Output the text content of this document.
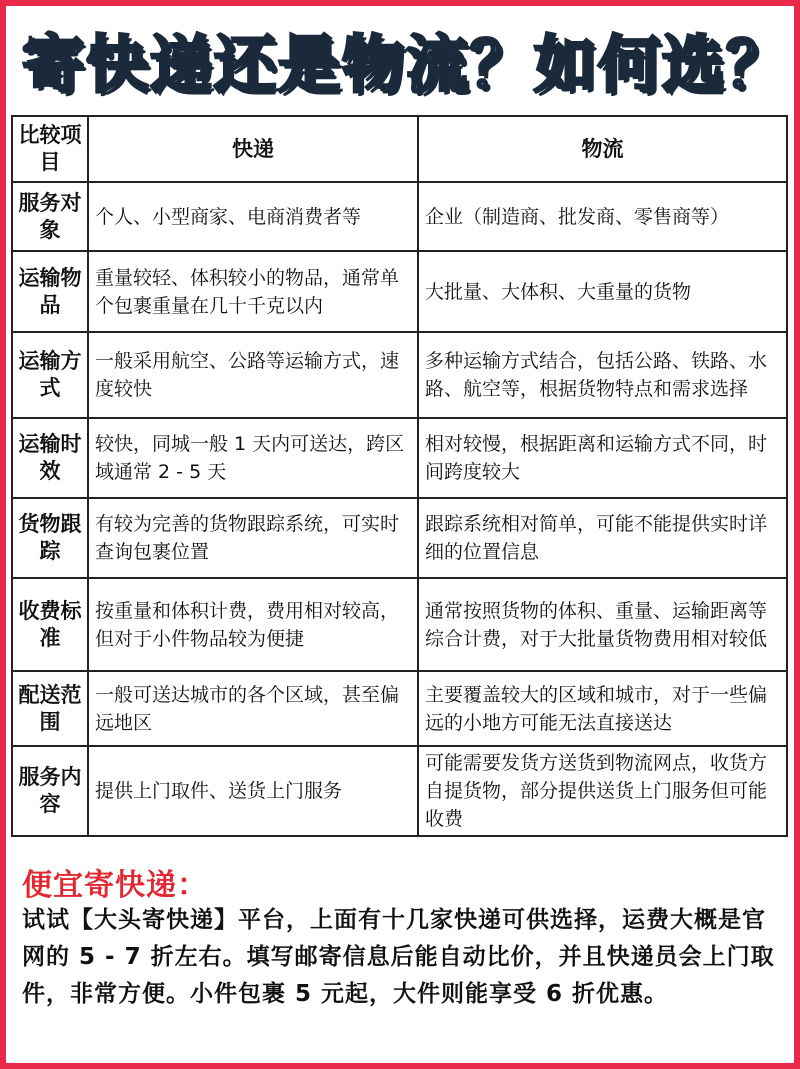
寄快递还是物流？如何选？
比较项目	快递	物流
服务对象	个人、小型商家、电商消费者等	企业（制造商、批发商、零售商等）
运输物品	重量较轻、体积较小的物品，通常单个包裹重量在几十千克以内	大批量、大体积、大重量的货物
运输方式	一般采用航空、公路等运输方式，速度较快	多种运输方式结合，包括公路、铁路、水路、航空等，根据货物特点和需求选择
运输时效	较快，同城一般 1 天内可送达，跨区域通常 2 - 5 天	相对较慢，根据距离和运输方式不同，时间跨度较大
货物跟踪	有较为完善的货物跟踪系统，可实时查询包裹位置	跟踪系统相对简单，可能不能提供实时详细的位置信息
收费标准	按重量和体积计费，费用相对较高，但对于小件物品较为便捷	通常按照货物的体积、重量、运输距离等综合计费，对于大批量货物费用相对较低
配送范围	一般可送达城市的各个区域，甚至偏远地区	主要覆盖较大的区域和城市，对于一些偏远的小地方可能无法直接送达
服务内容	提供上门取件、送货上门服务	可能需要发货方送货到物流网点，收货方自提货物，部分提供送货上门服务但可能收费
便宜寄快递：
试试【大头寄快递】平台，上面有十几家快递可供选择，运费大概是官网的 5 - 7 折左右。填写邮寄信息后能自动比价，并且快递员会上门取件，非常方便。小件包裹 5 元起，大件则能享受 6 折优惠。
